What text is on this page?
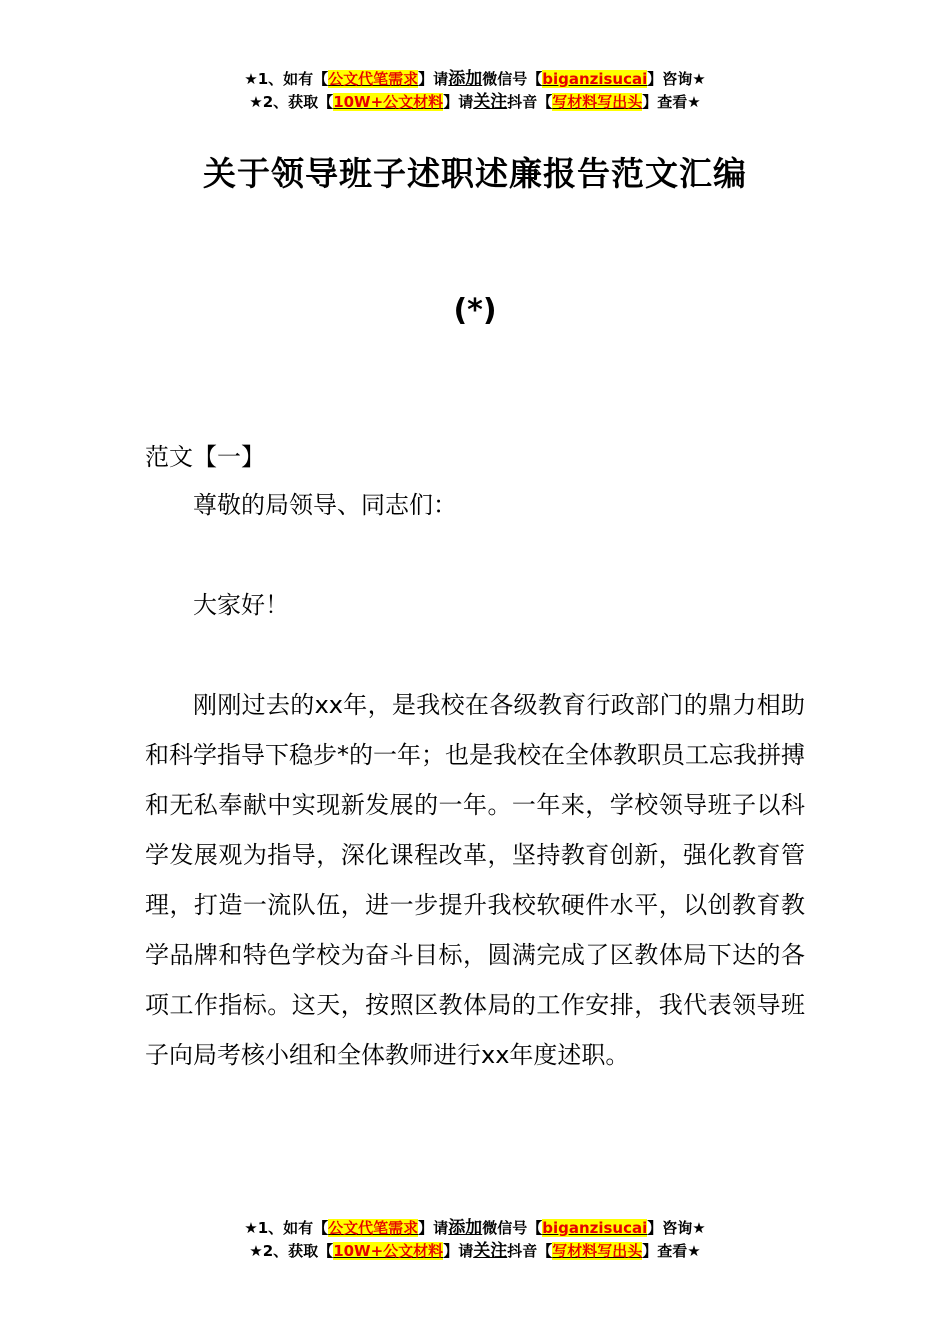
★1、如有【公文代笔需求】请添加微信号【biganzisucai】咨询★
★2、获取【10W+公文材料】请关注抖音【写材料写出头】查看★
关于领导班子述职述廉报告范文汇编
(*)
范文【一】

尊敬的局领导、同志们：

大家好！

刚刚过去的xx年，是我校在各级教育行政部门的鼎力相助和科学指导下稳步*的一年；也是我校在全体教职员工忘我拼搏和无私奉献中实现新发展的一年。一年来，学校领导班子以科学发展观为指导，深化课程改革，坚持教育创新，强化教育管理，打造一流队伍，进一步提升我校软硬件水平，以创教育教学品牌和特色学校为奋斗目标，圆满完成了区教体局下达的各项工作指标。这天，按照区教体局的工作安排，我代表领导班子向局考核小组和全体教师进行xx年度述职。

★1、如有【公文代笔需求】请添加微信号【biganzisucai】咨询★
★2、获取【10W+公文材料】请关注抖音【写材料写出头】查看★
